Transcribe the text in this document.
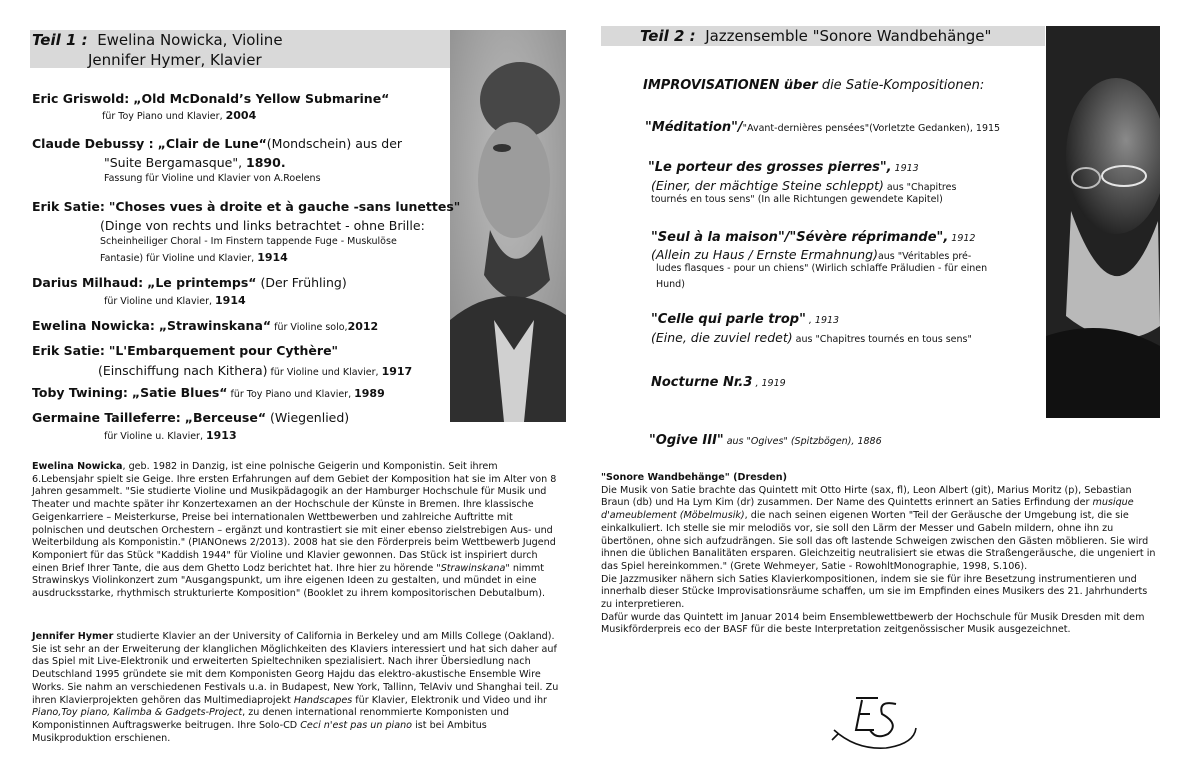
Teil 1 : Ewelina Nowicka, Violine
Jennifer Hymer, Klavier
Eric Griswold: „Old McDonald’s Yellow Submarine“
für Toy Piano und Klavier, 2004
Claude Debussy : „Clair de Lune“(Mondschein) aus der
"Suite Bergamasque", 1890.
Fassung für Violine und Klavier von A.Roelens
Erik Satie: "Choses vues à droite et à gauche -sans lunettes"
(Dinge von rechts und links betrachtet - ohne Brille:
Scheinheiliger Choral - Im Finstern tappende Fuge - Muskulöse
Fantasie) für Violine und Klavier, 1914
Darius Milhaud: „Le printemps“ (Der Frühling)
für Violine und Klavier, 1914
Ewelina Nowicka: „Strawinskana“ für Violine solo,2012
Erik Satie: "L'Embarquement pour Cythère"
(Einschiffung nach Kithera) für Violine und Klavier, 1917
Toby Twining: „Satie Blues“ für Toy Piano und Klavier, 1989
Germaine Tailleferre: „Berceuse“ (Wiegenlied)
für Violine u. Klavier, 1913

Ewelina Nowicka, geb. 1982 in Danzig, ist eine polnische Geigerin und Komponistin. Seit ihrem 6.Lebensjahr spielt sie Geige. Ihre ersten Erfahrungen auf dem Gebiet der Komposition hat sie im Alter von 8 Jahren gesammelt. "Sie studierte Violine und Musikpädagogik an der Hamburger Hochschule für Musik und Theater und machte später ihr Konzertexamen an der Hochschule der Künste in Bremen. Ihre klassische Geigenkarriere – Meisterkurse, Preise bei internationalen Wettbewerben und zahlreiche Auftritte mit polnischen und deutschen Orchestern – ergänzt und kontrastiert sie mit einer ebenso zielstrebigen Aus- und Weiterbildung als Komponistin." (PIANOnews 2/2013). 2008 hat sie den Förderpreis beim Wettbewerb Jugend Komponiert für das Stück "Kaddish 1944" für Violine und Klavier gewonnen. Das Stück ist inspiriert durch einen Brief Ihrer Tante, die aus dem Ghetto Lodz berichtet hat. Ihre hier zu hörende "Strawinskana" nimmt Strawinskys Violinkonzert zum "Ausgangspunkt, um ihre eigenen Ideen zu gestalten, und mündet in eine ausdrucksstarke, rhythmisch strukturierte Komposition" (Booklet zu ihrem kompositorischen Debutalbum).

Jennifer Hymer studierte Klavier an der University of California in Berkeley und am Mills College (Oakland). Sie ist sehr an der Erweiterung der klanglichen Möglichkeiten des Klaviers interessiert und hat sich daher auf das Spiel mit Live-Elektronik und erweiterten Spieltechniken spezialisiert. Nach ihrer Übersiedlung nach Deutschland 1995 gründete sie mit dem Komponisten Georg Hajdu das elektro-akustische Ensemble Wire Works. Sie nahm an verschiedenen Festivals u.a. in Budapest, New York, Tallinn, TelAviv und Shanghai teil. Zu ihren Klavierprojekten gehören das Multimediaprojekt Handscapes für Klavier, Elektronik und Video und ihr Piano,Toy piano, Kalimba & Gadgets-Project, zu denen international renommierte Komponisten und Komponistinnen Auftragswerke beitrugen. Ihre Solo-CD Ceci n'est pas un piano ist bei Ambitus Musikproduktion erschienen.

Teil 2 : Jazzensemble "Sonore Wandbehänge"
IMPROVISATIONEN über die Satie-Kompositionen:
"Méditation"/"Avant-dernières pensées"(Vorletzte Gedanken), 1915
"Le porteur des grosses pierres", 1913
(Einer, der mächtige Steine schleppt) aus "Chapitres
tournés en tous sens" (In alle Richtungen gewendete Kapitel)
"Seul à la maison"/"Sévère réprimande", 1912
(Allein zu Haus / Ernste Ermahnung)aus "Véritables pré-
ludes flasques - pour un chiens" (Wirlich schlaffe Präludien - für einen
Hund)
"Celle qui parle trop" , 1913
(Eine, die zuviel redet) aus "Chapitres tournés en tous sens"
Nocturne Nr.3 , 1919
"Ogive III" aus "Ogives" (Spitzbögen), 1886

"Sonore Wandbehänge" (Dresden)

Die Musik von Satie brachte das Quintett mit Otto Hirte (sax, fl), Leon Albert (git), Marius Moritz (p), Sebastian Braun (db) und Ha Lym Kim (dr) zusammen. Der Name des Quintetts erinnert an Saties Erfindung der musique d'ameublement (Möbelmusik), die nach seinen eigenen Worten "Teil der Geräusche der Umgebung ist, die sie einkalkuliert. Ich stelle sie mir melodiös vor, sie soll den Lärm der Messer und Gabeln mildern, ohne ihn zu übertönen, ohne sich aufzudrängen. Sie soll das oft lastende Schweigen zwischen den Gästen möblieren. Sie wird ihnen die üblichen Banalitäten ersparen. Gleichzeitig neutralisiert sie etwas die Straßengeräusche, die ungeniert in das Spiel hereinkommen." (Grete Wehmeyer, Satie - RowohltMonographie, 1998, S.106).

Die Jazzmusiker nähern sich Saties Klavierkompositionen, indem sie sie für ihre Besetzung instrumentieren und innerhalb dieser Stücke Improvisationsräume schaffen, um sie im Empfinden eines Musikers des 21. Jahrhunderts zu interpretieren.

Dafür wurde das Quintett im Januar 2014 beim Ensemblewettbewerb der Hochschule für Musik Dresden mit dem Musikförderpreis eco der BASF für die beste Interpretation zeitgenössischer Musik ausgezeichnet.
